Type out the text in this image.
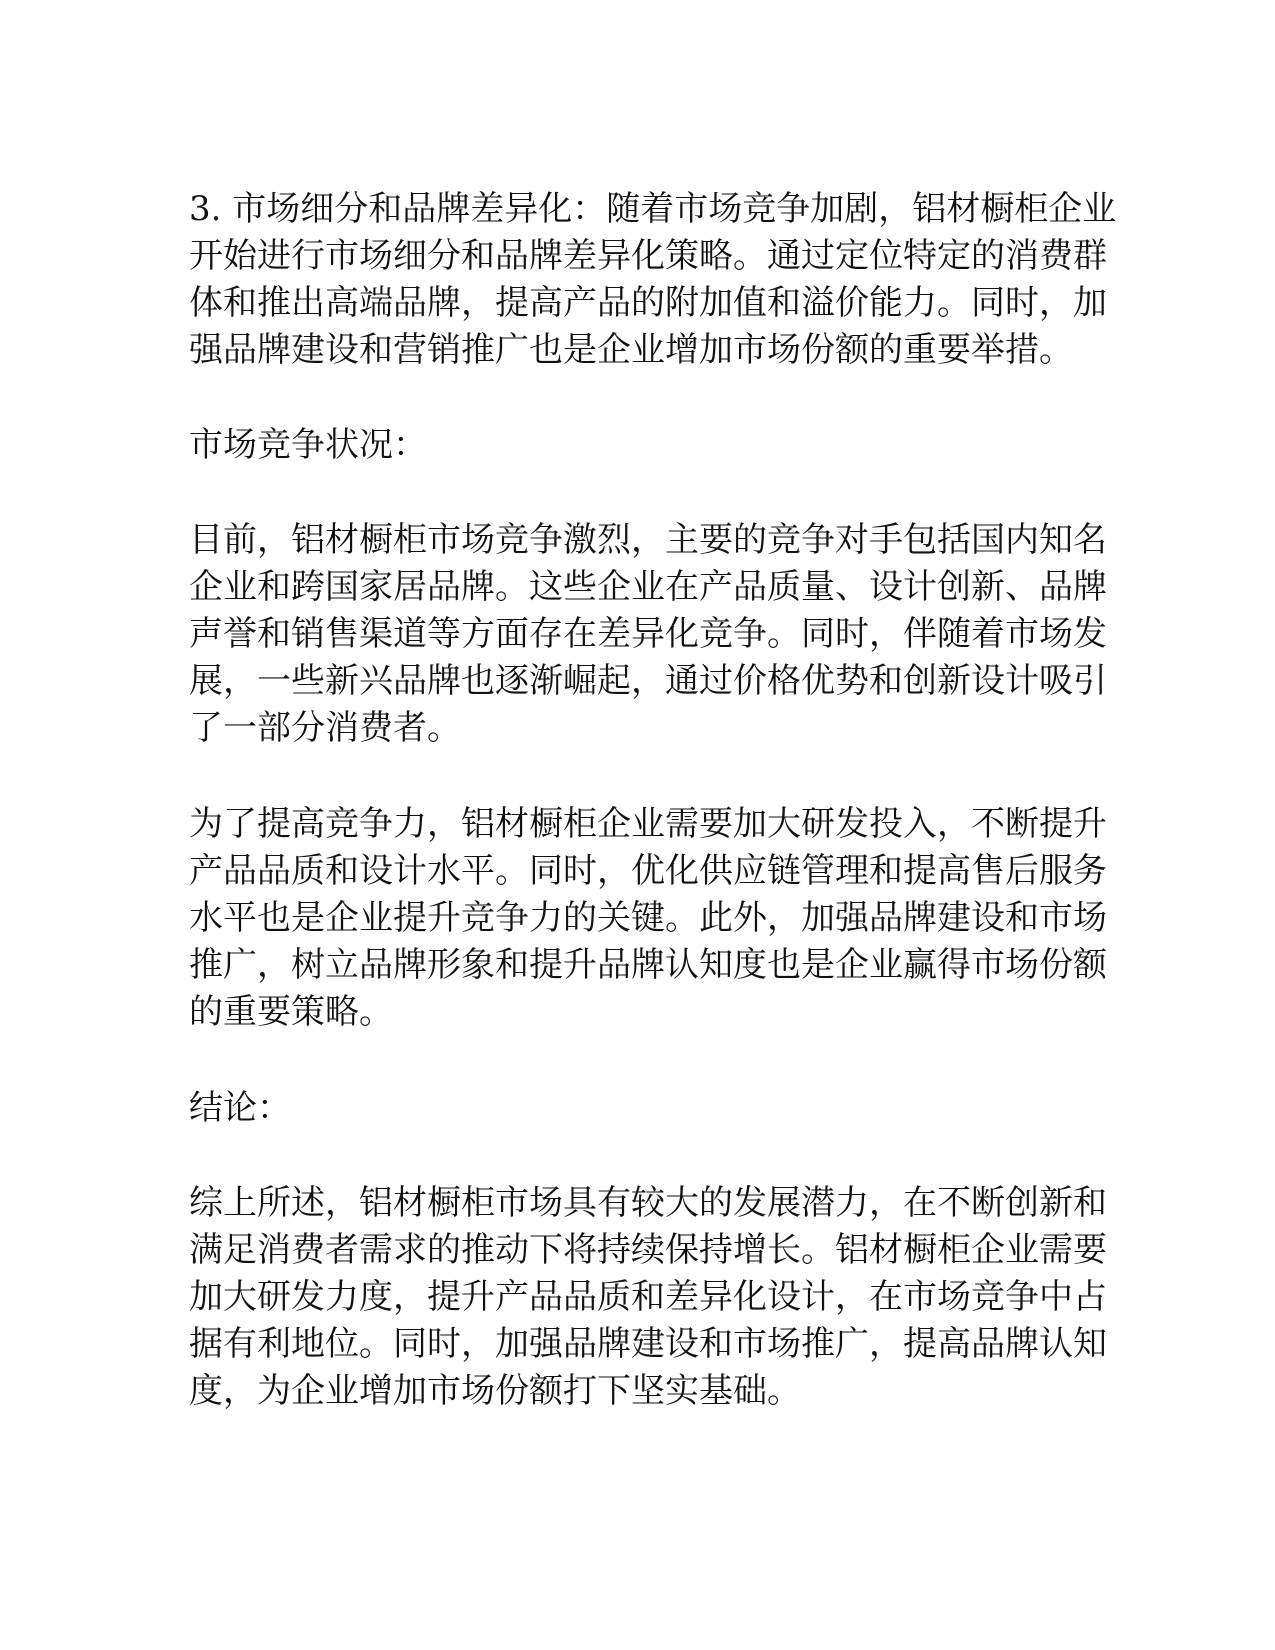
3. 市场细分和品牌差异化：随着市场竞争加剧，铝材橱柜企业
开始进行市场细分和品牌差异化策略。通过定位特定的消费群
体和推出高端品牌，提高产品的附加值和溢价能力。同时，加
强品牌建设和营销推广也是企业增加市场份额的重要举措。
市场竞争状况：
目前，铝材橱柜市场竞争激烈，主要的竞争对手包括国内知名
企业和跨国家居品牌。这些企业在产品质量、设计创新、品牌
声誉和销售渠道等方面存在差异化竞争。同时，伴随着市场发
展，一些新兴品牌也逐渐崛起，通过价格优势和创新设计吸引
了一部分消费者。
为了提高竞争力，铝材橱柜企业需要加大研发投入，不断提升
产品品质和设计水平。同时，优化供应链管理和提高售后服务
水平也是企业提升竞争力的关键。此外，加强品牌建设和市场
推广，树立品牌形象和提升品牌认知度也是企业赢得市场份额
的重要策略。
结论：
综上所述，铝材橱柜市场具有较大的发展潜力，在不断创新和
满足消费者需求的推动下将持续保持增长。铝材橱柜企业需要
加大研发力度，提升产品品质和差异化设计，在市场竞争中占
据有利地位。同时，加强品牌建设和市场推广，提高品牌认知
度，为企业增加市场份额打下坚实基础。
